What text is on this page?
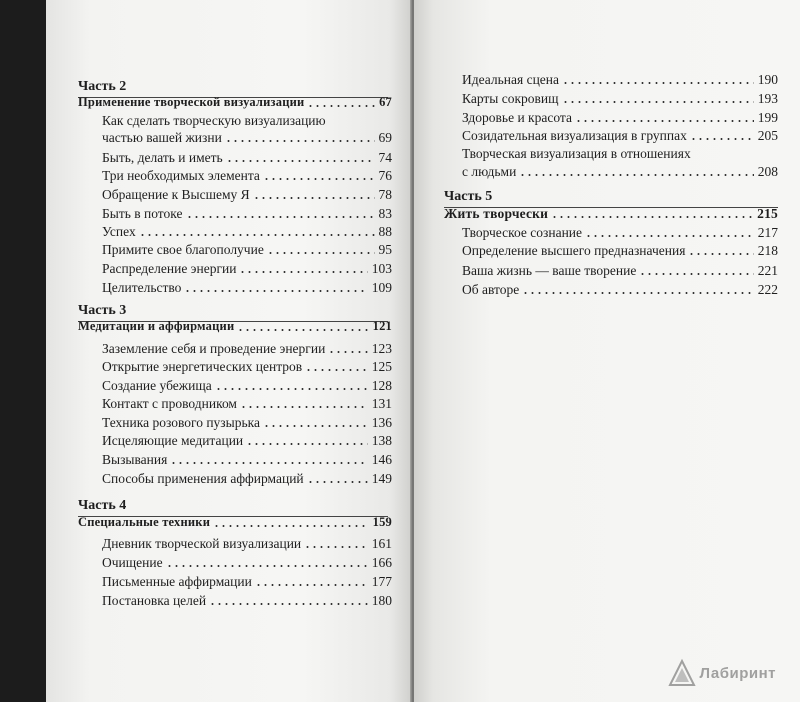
Часть 2
Применение творческой визуализации	67
Как сделать творческую визуализацию
частью вашей жизни	69
Быть, делать и иметь	74
Три необходимых элемента	76
Обращение к Высшему Я	78
Быть в потоке	83
Успех	88
Примите свое благополучие	95
Распределение энергии	103
Целительство	109
Часть 3
Медитации и аффирмации	121
Заземление себя и проведение энергии	123
Открытие энергетических центров	125
Создание убежища	128
Контакт с проводником	131
Техника розового пузырька	136
Исцеляющие медитации	138
Вызывания	146
Способы применения аффирмаций	149
Часть 4
Специальные техники	159
Дневник творческой визуализации	161
Очищение	166
Письменные аффирмации	177
Постановка целей	180
Идеальная сцена	190
Карты сокровищ	193
Здоровье и красота	199
Созидательная визуализация в группах	205
Творческая визуализация в отношениях
с людьми	208
Часть 5
Жить творчески	215
Творческое сознание	217
Определение высшего предназначения	218
Ваша жизнь — ваше творение	221
Об авторе	222
Лабиринт
